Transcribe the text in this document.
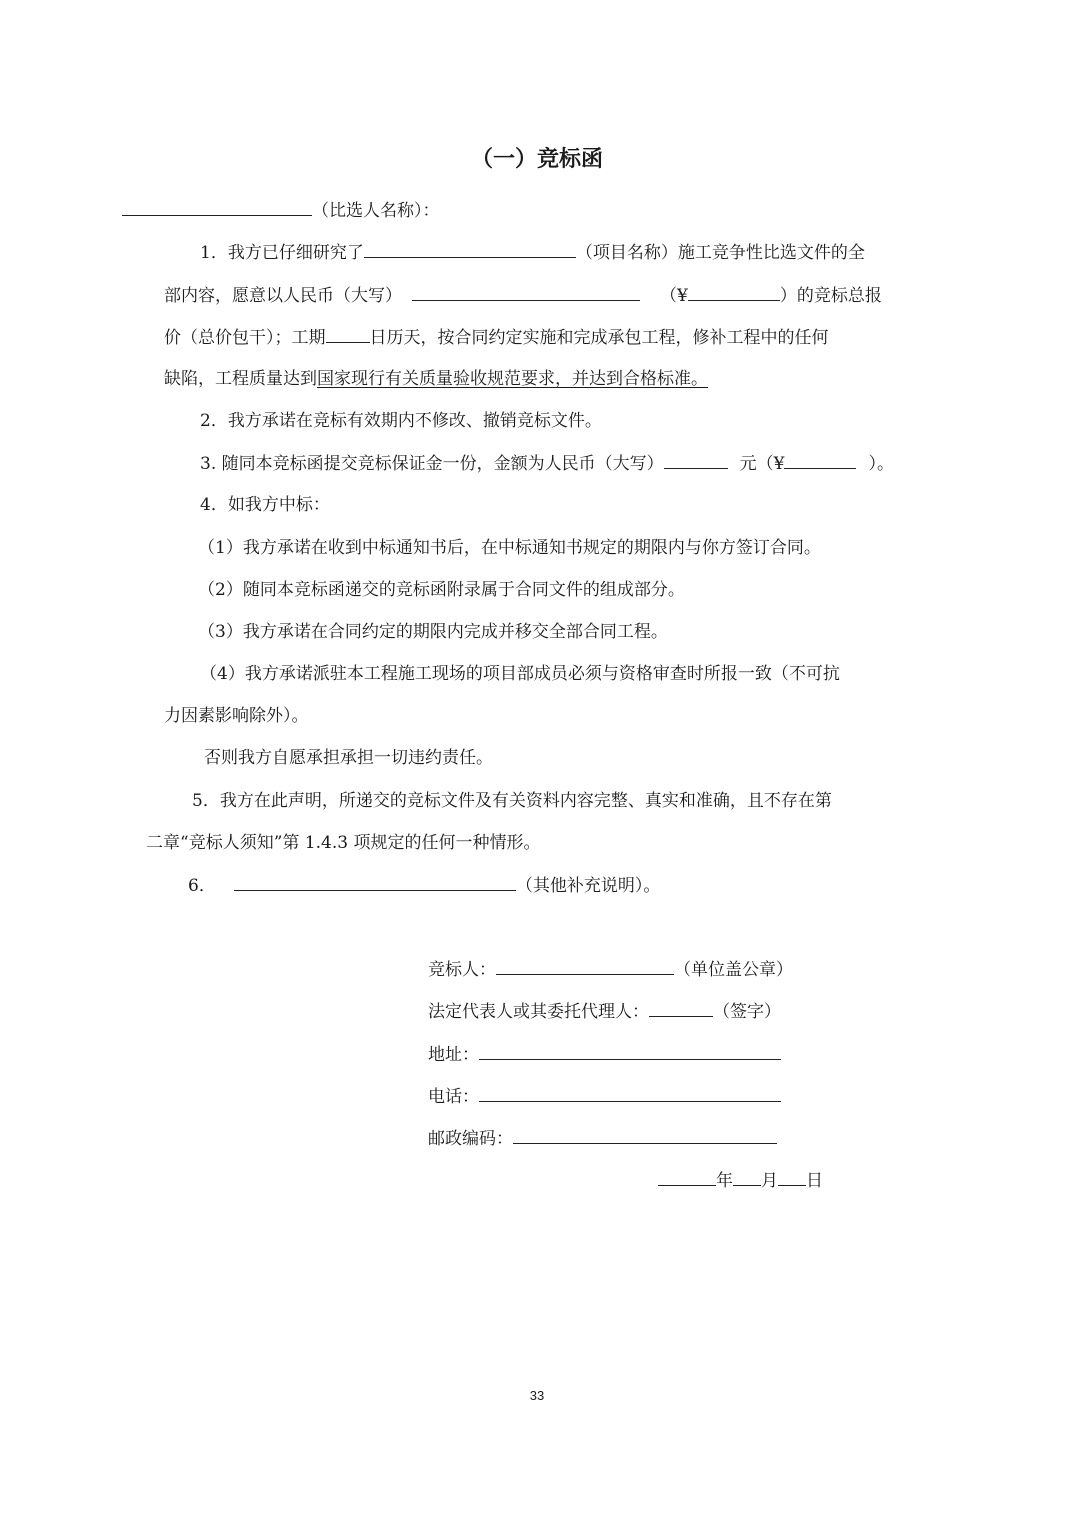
（一）竞标函
（比选人名称）：
1．我方已仔细研究了	（项目名称）施工竞争性比选文件的全
部内容，愿意以人民币（大写）	（¥	）的竞标总报
价（总价包干）；工期	日历天，按合同约定实施和完成承包工程，修补工程中的任何
缺陷，工程质量达到国家现行有关质量验收规范要求，并达到合格标准。
2．我方承诺在竞标有效期内不修改、撤销竞标文件。
3. 随同本竞标函提交竞标保证金一份，金额为人民币（大写）	元（¥	）。
4．如我方中标：
（1）我方承诺在收到中标通知书后，在中标通知书规定的期限内与你方签订合同。
（2）随同本竞标函递交的竞标函附录属于合同文件的组成部分。
（3）我方承诺在合同约定的期限内完成并移交全部合同工程。
（4）我方承诺派驻本工程施工现场的项目部成员必须与资格审查时所报一致（不可抗
力因素影响除外）。
否则我方自愿承担承担一切违约责任。
5．我方在此声明，所递交的竞标文件及有关资料内容完整、真实和准确，且不存在第
二章“竞标人须知”第 1.4.3 项规定的任何一种情形。
6．	（其他补充说明）。
竞标人：	（单位盖公章）
法定代表人或其委托代理人：	（签字）
地址：
电话：
邮政编码：
年 月 日
33
